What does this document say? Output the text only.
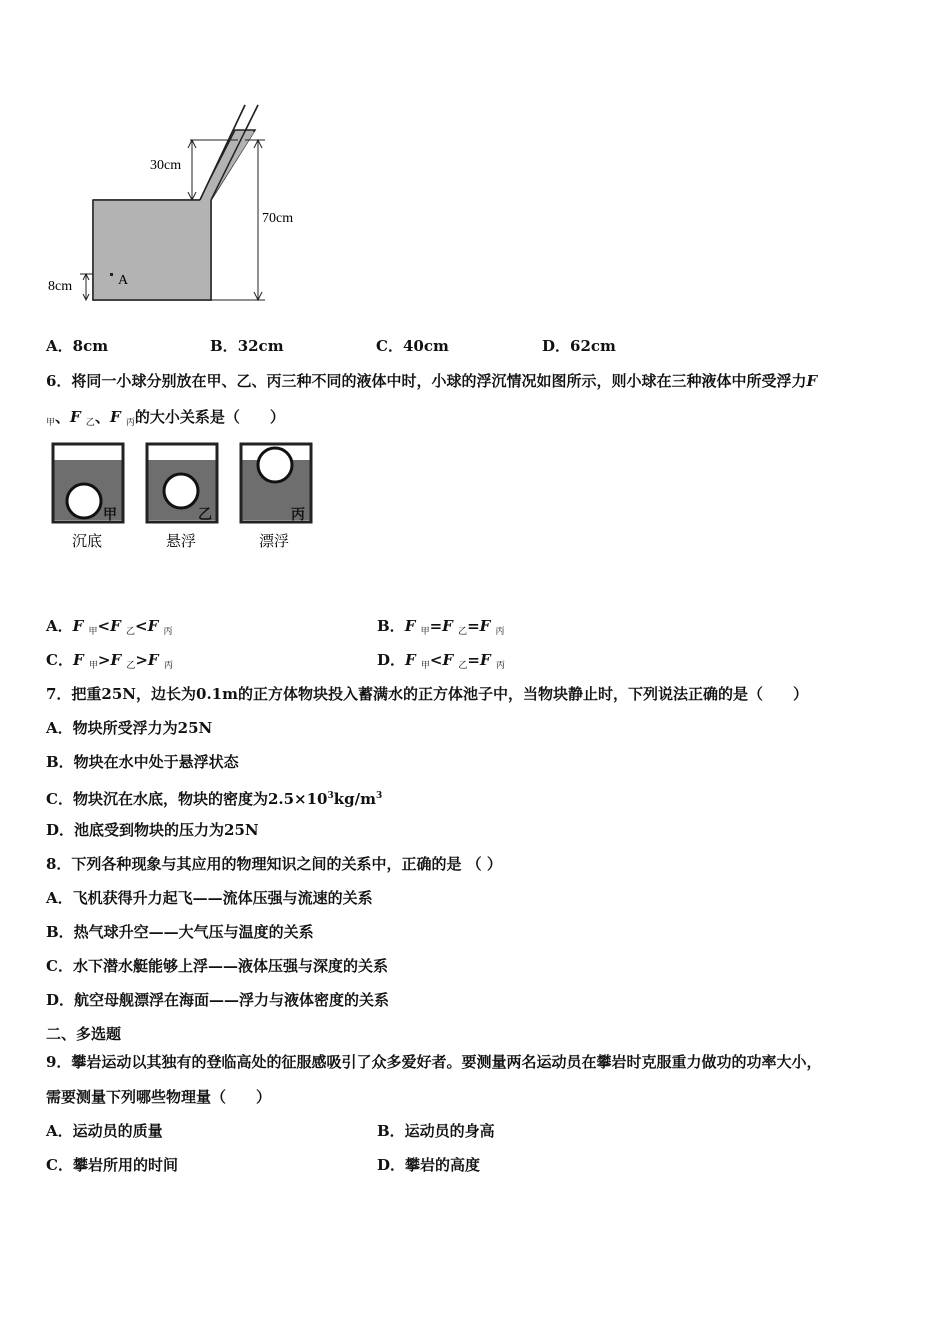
30cm
70cm
8cm	A
A．8cm	B．32cm	C．40cm	D．62cm
6．将同一小球分别放在甲、乙、丙三种不同的液体中时，小球的浮沉情况如图所示，则小球在三种液体中所受浮力F
$_甲$、F $_乙$、F $_丙$的大小关系是（　　）
甲	乙	丙
沉底	悬浮	漂浮
A．F $_甲$<F $_乙$<F $_丙$	B．F $_甲$=F $_乙$=F $_丙$
C．F $_甲$>F $_乙$>F $_丙$	D．F $_甲$<F $_乙$=F $_丙$
7．把重25N，边长为0.1m的正方体物块投入蓄满水的正方体池子中，当物块静止时，下列说法正确的是（　　）
A．物块所受浮力为25N
B．物块在水中处于悬浮状态
C．物块沉在水底，物块的密度为$2.5\times 10^3kg/m^3$
D．池底受到物块的压力为25N
8．下列各种现象与其应用的物理知识之间的关系中，正确的是 （ ）
A．飞机获得升力起飞——流体压强与流速的关系
B．热气球升空——大气压与温度的关系
C．水下潜水艇能够上浮——液体压强与深度的关系
D．航空母舰漂浮在海面——浮力与液体密度的关系
二、多选题
9．攀岩运动以其独有的登临高处的征服感吸引了众多爱好者。要测量两名运动员在攀岩时克服重力做功的功率大小，
需要测量下列哪些物理量（　　）
A．运动员的质量	B．运动员的身高
C．攀岩所用的时间	D．攀岩的高度
